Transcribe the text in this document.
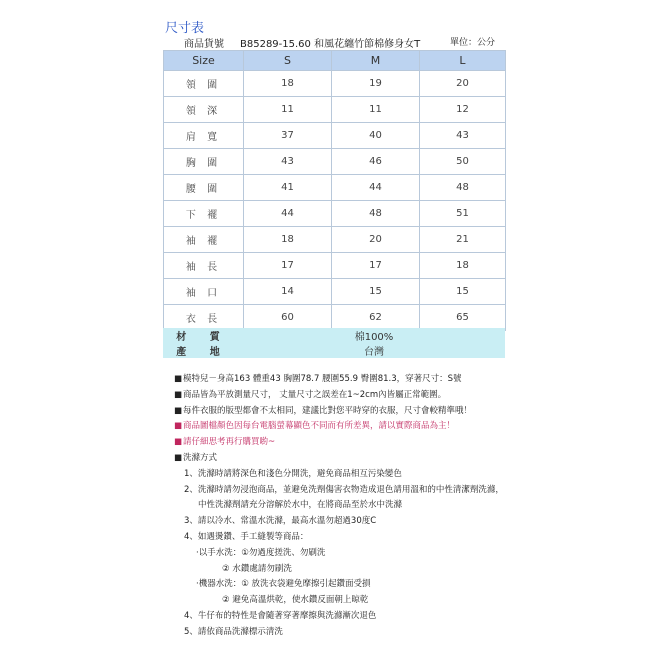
尺寸表
商品貨號 B85289-15.60 和風花纏竹節棉修身女T	單位：公分
Size	S	M	L
領 圍	18	19	20
領 深	11	11	12
肩 寬	37	40	43
胸 圍	43	46	50
腰 圍	41	44	48
下 襬	44	48	51
袖 襬	18	20	21
袖 長	17	17	18
袖 口	14	15	15
衣 長	60	62	65
材 質	棉100%
產 地	台灣
■模特兒－身高163 體重43 胸圍78.7 腰圍55.9 臀圍81.3，穿著尺寸：S號
■商品皆為平放測量尺寸， 丈量尺寸之誤差在1~2cm內皆屬正常範圍。
■每件衣服的版型都會不太相同，建議比對您平時穿的衣服，尺寸會較精準哦！
■商品圖檔顏色因每台電腦螢幕顯色不同而有所差異，請以實際商品為主！
■請仔細思考再行購買喲~
■洗滌方式
1、洗滌時請將深色和淺色分開洗，避免商品相互污染變色
2、洗滌時請勿浸泡商品，並避免洗劑傷害衣物造成退色請用溫和的中性清潔劑洗滌，
中性洗滌劑請充分溶解於水中，在將商品至於水中洗滌
3、請以冷水、常溫水洗滌，最高水溫勿超過30度C
4、如遇燙鑽、手工縫製等商品：
·以手水洗：①勿過度搓洗、勿刷洗
② 水鑽處請勿刷洗
·機器水洗：① 放洗衣袋避免摩擦引起鑽面受損
② 避免高溫烘乾，使水鑽反面朝上晾乾
4、牛仔布的特性是會隨著穿著摩擦與洗滌漸次退色
5、請依商品洗滌標示清洗
